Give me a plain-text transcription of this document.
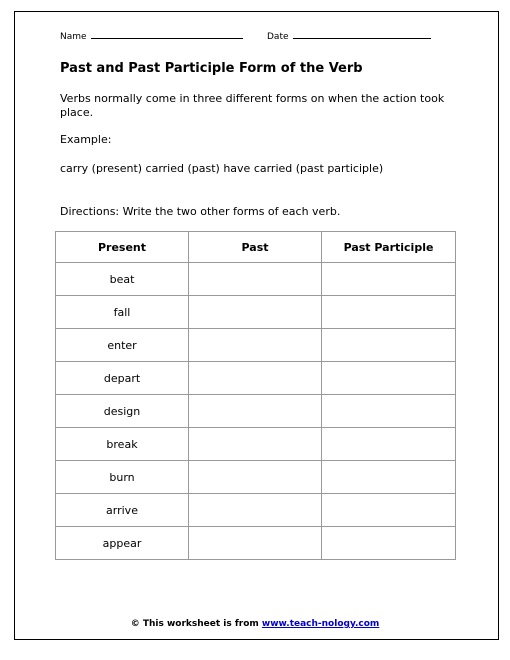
Name	Date
Past and Past Participle Form of the Verb
Verbs normally come in three different forms on when the action took place.
Example:
carry (present) carried (past) have carried (past participle)
Directions: Write the two other forms of each verb.
Present	Past	Past Participle
beat		
fall		
enter		
depart		
design		
break		
burn		
arrive		
appear		
© This worksheet is from www.teach-nology.com
